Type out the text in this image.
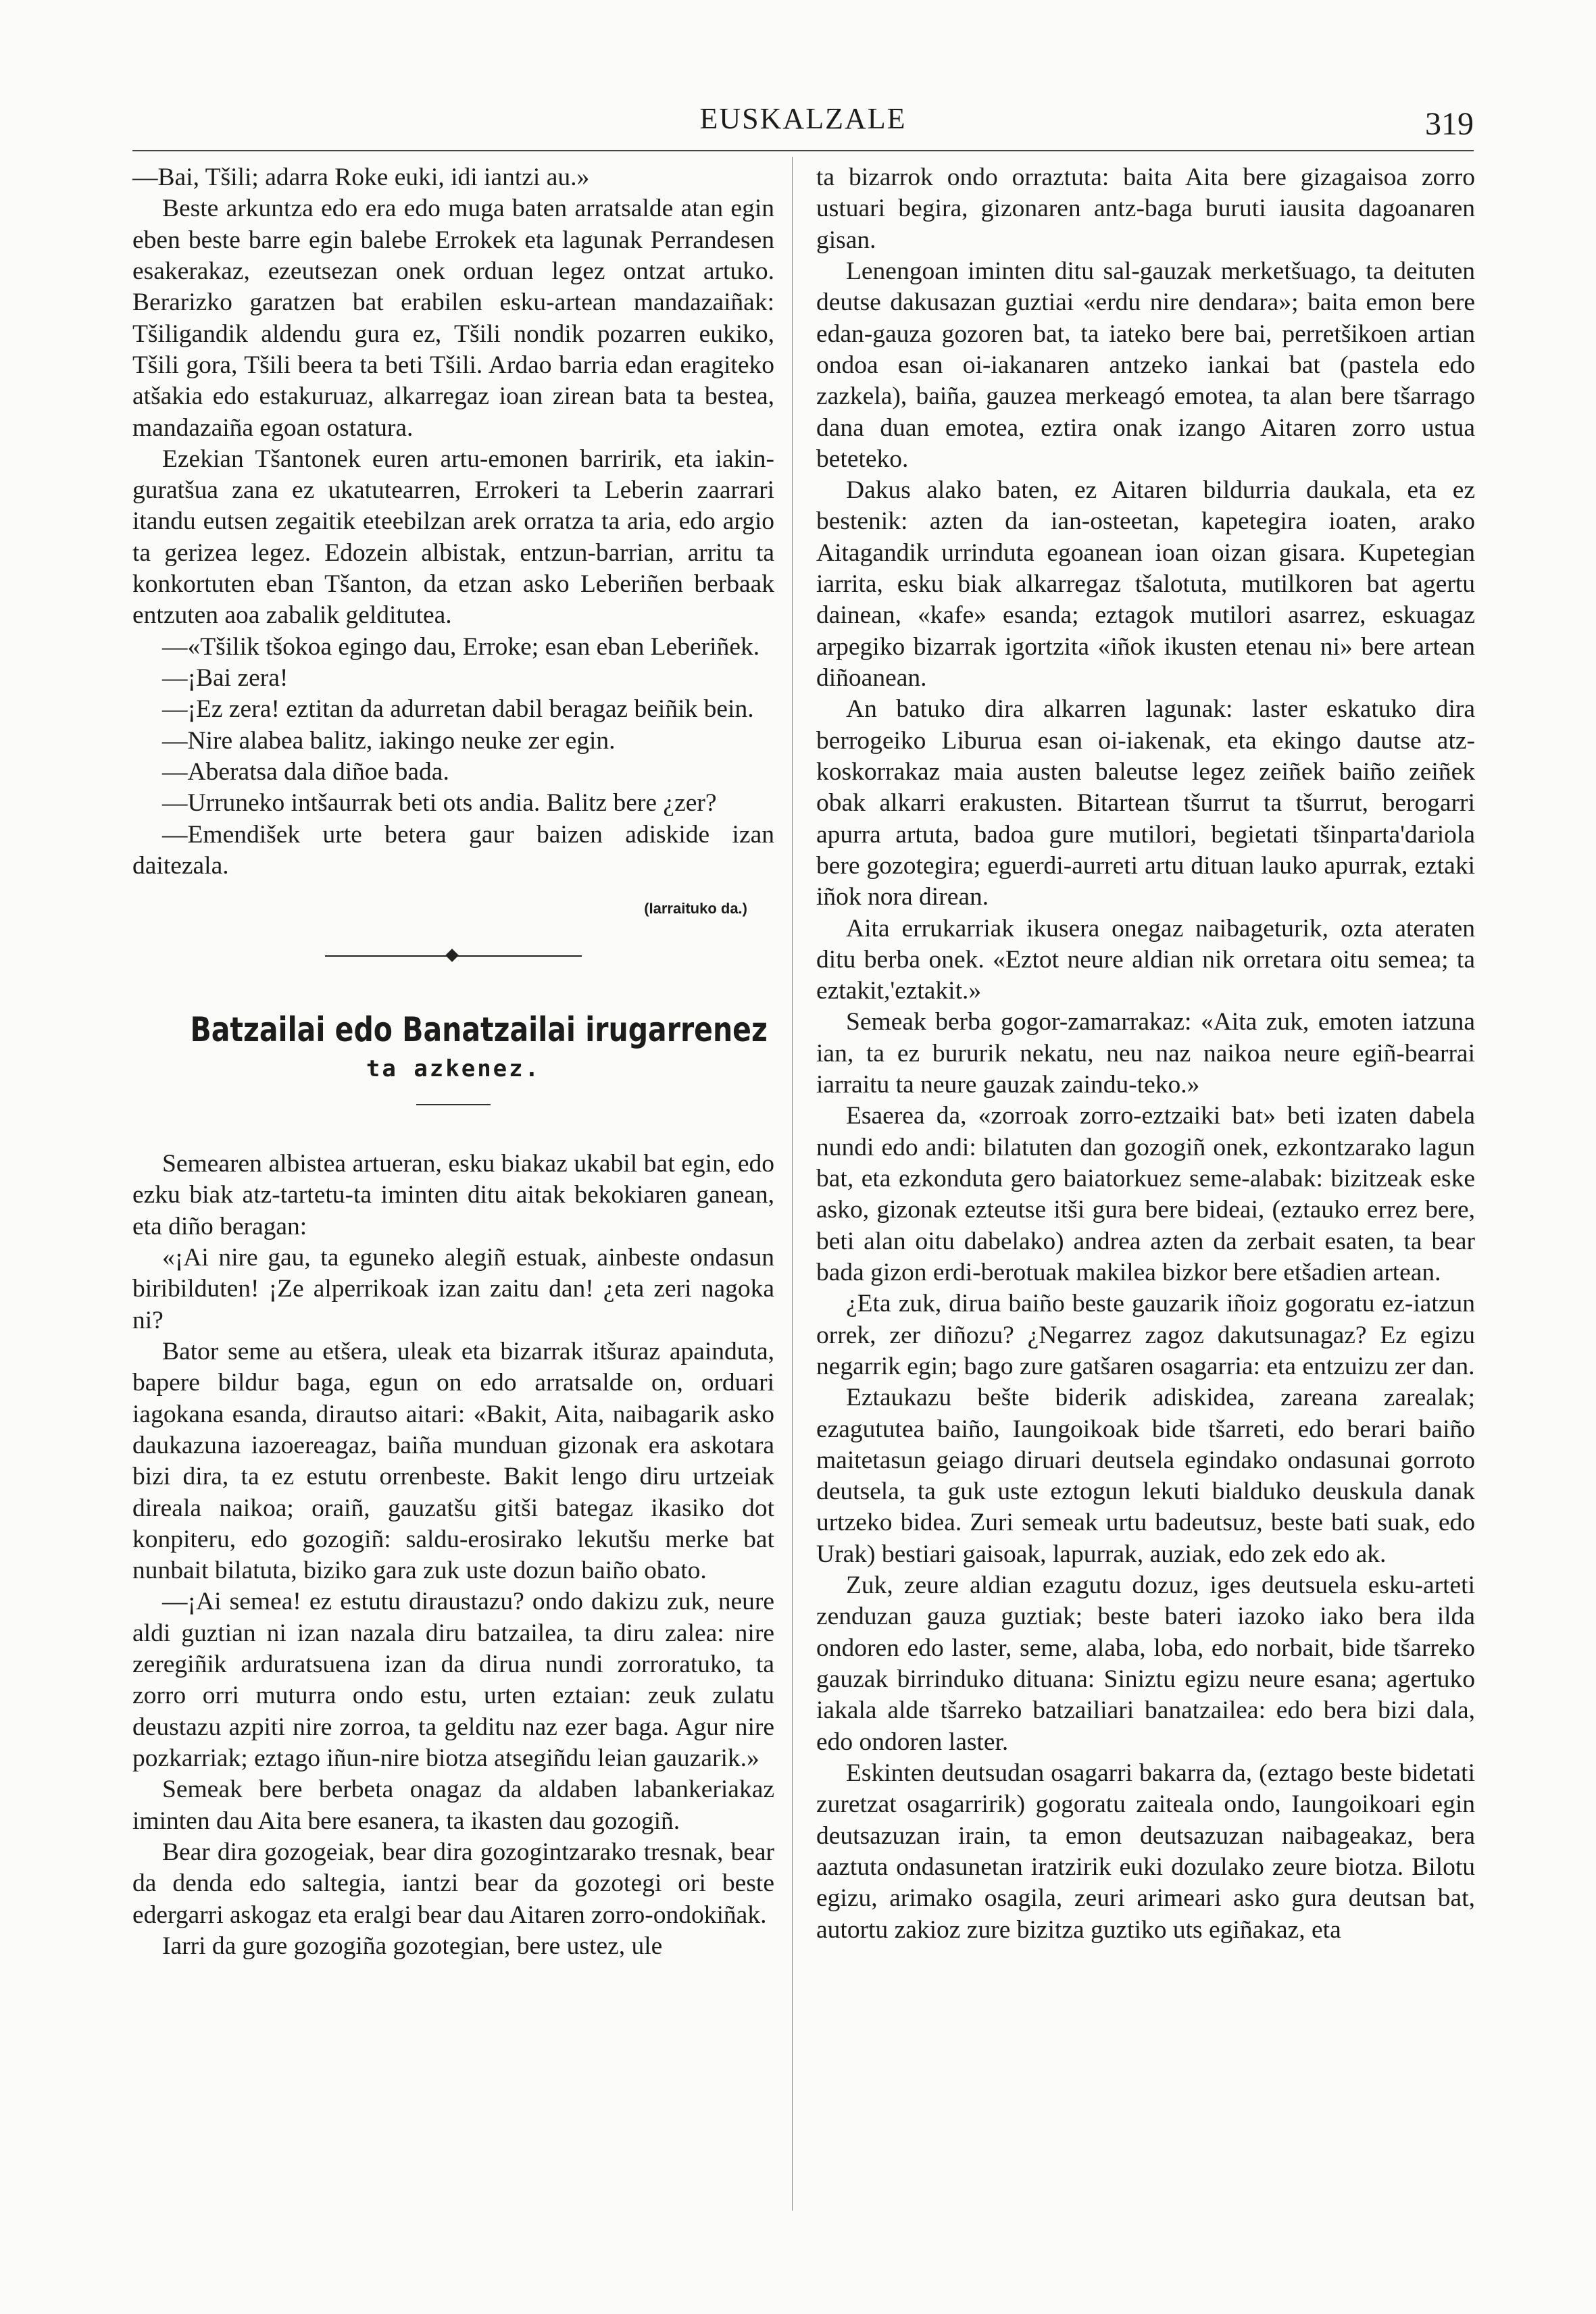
EUSKALZALE	319

—Bai, Tšili; adarra Roke euki, idi iantzi au.»

Beste arkuntza edo era edo muga baten arratsalde atan egin eben beste barre egin balebe Errokek eta lagunak Perrandesen esakerakaz, ezeutsezan onek orduan legez ontzat artuko. Berarizko garatzen bat erabilen esku-artean mandazaiñak: Tšiligandik aldendu gura ez, Tšili nondik pozarren eukiko, Tšili gora, Tšili beera ta beti Tšili. Ardao barria edan eragiteko atšakia edo estakuruaz, alkarregaz ioan zirean bata ta bestea, mandazaiña egoan ostatura.

Ezekian Tšantonek euren artu-emonen barririk, eta iakin-guratšua zana ez ukatutearren, Errokeri ta Leberin zaarrari itandu eutsen zegaitik eteebilzan arek orratza ta aria, edo argio ta gerizea legez. Edozein albistak, entzun-barrian, arritu ta konkortuten eban Tšanton, da etzan asko Leberiñen berbaak entzuten aoa zabalik gelditutea.

—«Tšilik tšokoa egingo dau, Erroke; esan eban Leberiñek.

—¡Bai zera!

—¡Ez zera! eztitan da adurretan dabil beragaz beiñik bein.

—Nire alabea balitz, iakingo neuke zer egin.

—Aberatsa dala diñoe bada.

—Urruneko intšaurrak beti ots andia. Balitz bere ¿zer?

—Emendišek urte betera gaur baizen adiskide izan daitezala.

(Iarraituko da.)
Batzailai edo Banatzailai irugarrenez
ta azkenez.

Semearen albistea artueran, esku biakaz ukabil bat egin, edo ezku biak atz-tartetu-ta iminten ditu aitak bekokiaren ganean, eta diño beragan:

«¡Ai nire gau, ta eguneko alegiñ estuak, ainbeste ondasun biribilduten! ¡Ze alperrikoak izan zaitu dan! ¿eta zeri nagoka ni?

Bator seme au etšera, uleak eta bizarrak itšuraz apainduta, bapere bildur baga, egun on edo arratsalde on, orduari iagokana esanda, dirautso aitari: «Bakit, Aita, naibagarik asko daukazuna iazoereagaz, baiña munduan gizonak era askotara bizi dira, ta ez estutu orrenbeste. Bakit lengo diru urtzeiak direala naikoa; oraiñ, gauzatšu gitši bategaz ikasiko dot konpiteru, edo gozogiñ: saldu-erosirako lekutšu merke bat nunbait bilatuta, biziko gara zuk uste dozun baiño obato.

—¡Ai semea! ez estutu diraustazu? ondo dakizu zuk, neure aldi guztian ni izan nazala diru batzailea, ta diru zalea: nire zeregiñik arduratsuena izan da dirua nundi zorroratuko, ta zorro orri muturra ondo estu, urten eztaian: zeuk zulatu deustazu azpiti nire zorroa, ta gelditu naz ezer baga. Agur nire pozkarriak; eztago iñun-nire biotza atsegiñdu leian gauzarik.»

Semeak bere berbeta onagaz da aldaben labankeriakaz iminten dau Aita bere esanera, ta ikasten dau gozogiñ.

Bear dira gozogeiak, bear dira gozogintzarako tresnak, bear da denda edo saltegia, iantzi bear da gozotegi ori beste edergarri askogaz eta eralgi bear dau Aitaren zorro-ondokiñak.

Iarri da gure gozogiña gozotegian, bere ustez, ule

ta bizarrok ondo orraztuta: baita Aita bere gizagaisoa zorro ustuari begira, gizonaren antz-baga buruti iausita dagoanaren gisan.

Lenengoan iminten ditu sal-gauzak merketšuago, ta deituten deutse dakusazan guztiai «erdu nire dendara»; baita emon bere edan-gauza gozoren bat, ta iateko bere bai, perretšikoen artian ondoa esan oi-iakanaren antzeko iankai bat (pastela edo zazkela), baiña, gauzea merkeagó emotea, ta alan bere tšarrago dana duan emotea, eztira onak izango Aitaren zorro ustua beteteko.

Dakus alako baten, ez Aitaren bildurria daukala, eta ez bestenik: azten da ian-osteetan, kapetegira ioaten, arako Aitagandik urrinduta egoanean ioan oizan gisara. Kupetegian iarrita, esku biak alkarregaz tšalotuta, mutilkoren bat agertu dainean, «kafe» esanda; eztagok mutilori asarrez, eskuagaz arpegiko bizarrak igortzita «iñok ikusten etenau ni» bere artean diñoanean.

An batuko dira alkarren lagunak: laster eskatuko dira berrogeiko Liburua esan oi-iakenak, eta ekingo dautse atz-koskorrakaz maia austen baleutse legez zeiñek baiño zeiñek obak alkarri erakusten. Bitartean tšurrut ta tšurrut, berogarri apurra artuta, badoa gure mutilori, begietati tšinparta'dariola bere gozotegira; eguerdi-aurreti artu dituan lauko apurrak, eztaki iñok nora direan.

Aita errukarriak ikusera onegaz naibageturik, ozta ateraten ditu berba onek. «Eztot neure aldian nik orretara oitu semea; ta eztakit,'eztakit.»

Semeak berba gogor-zamarrakaz: «Aita zuk, emoten iatzuna ian, ta ez bururik nekatu, neu naz naikoa neure egiñ-bearrai iarraitu ta neure gauzak zaindu-teko.»

Esaerea da, «zorroak zorro-eztzaiki bat» beti izaten dabela nundi edo andi: bilatuten dan gozogiñ onek, ezkontzarako lagun bat, eta ezkonduta gero baiatorkuez seme-alabak: bizitzeak eske asko, gizonak ezteutse itši gura bere bideai, (eztauko errez bere, beti alan oitu dabelako) andrea azten da zerbait esaten, ta bear bada gizon erdi-berotuak makilea bizkor bere etšadien artean.

¿Eta zuk, dirua baiño beste gauzarik iñoiz gogoratu ez-iatzun orrek, zer diñozu? ¿Negarrez zagoz dakutsunagaz? Ez egizu negarrik egin; bago zure gatšaren osagarria: eta entzuizu zer dan.

Eztaukazu bešte biderik adiskidea, zareana zarealak; ezagututea baiño, Iaungoikoak bide tšarreti, edo berari baiño maitetasun geiago diruari deutsela egindako ondasunai gorroto deutsela, ta guk uste eztogun lekuti bialduko deuskula danak urtzeko bidea. Zuri semeak urtu badeutsuz, beste bati suak, edo Urak) bestiari gaisoak, lapurrak, auziak, edo zek edo ak.

Zuk, zeure aldian ezagutu dozuz, iges deutsuela esku-arteti zenduzan gauza guztiak; beste bateri iazoko iako bera ilda ondoren edo laster, seme, alaba, loba, edo norbait, bide tšarreko gauzak birrinduko dituana: Siniztu egizu neure esana; agertuko iakala alde tšarreko batzailiari banatzailea: edo bera bizi dala, edo ondoren laster.

Eskinten deutsudan osagarri bakarra da, (eztago beste bidetati zuretzat osagarririk) gogoratu zaiteala ondo, Iaungoikoari egin deutsazuzan irain, ta emon deutsazuzan naibageakaz, bera aaztuta ondasunetan iratzirik euki dozulako zeure biotza. Bilotu egizu, arimako osagila, zeuri arimeari asko gura deutsan bat, autortu zakioz zure bizitza guztiko uts egiñakaz, eta
